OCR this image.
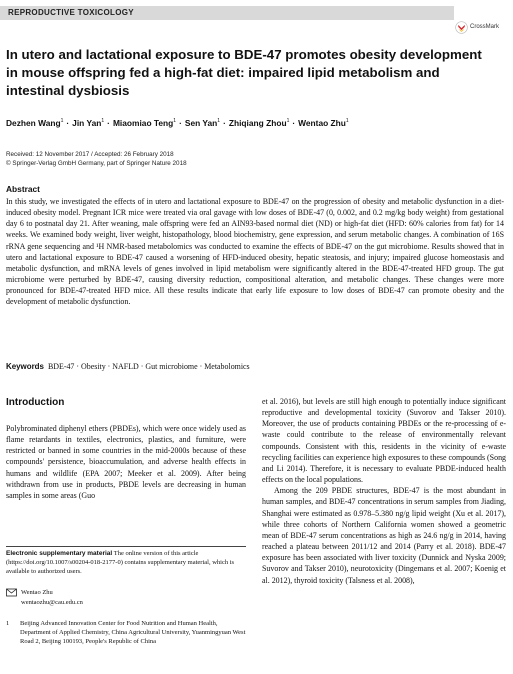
REPRODUCTIVE TOXICOLOGY
CrossMark
In utero and lactational exposure to BDE-47 promotes obesity development in mouse offspring fed a high-fat diet: impaired lipid metabolism and intestinal dysbiosis
Dezhen Wang$^1$ · Jin Yan$^1$ · Miaomiao Teng$^1$ · Sen Yan$^1$ · Zhiqiang Zhou$^1$ · Wentao Zhu$^1$
Received: 12 November 2017 / Accepted: 26 February 2018
© Springer-Verlag GmbH Germany, part of Springer Nature 2018
Abstract
In this study, we investigated the effects of in utero and lactational exposure to BDE-47 on the progression of obesity and metabolic dysfunction in a diet-induced obesity model. Pregnant ICR mice were treated via oral gavage with low doses of BDE-47 (0, 0.002, and 0.2 mg/kg body weight) from gestational day 6 to postnatal day 21. After weaning, male offspring were fed an AIN93-based normal diet (ND) or high-fat diet (HFD: 60% calories from fat) for 14 weeks. We examined body weight, liver weight, histopathology, blood biochemistry, gene expression, and serum metabolic changes. A combination of 16S rRNA gene sequencing and ¹H NMR-based metabolomics was conducted to examine the effects of BDE-47 on the gut microbiome. Results showed that in utero and lactational exposure to BDE-47 caused a worsening of HFD-induced obesity, hepatic steatosis, and injury; impaired glucose homeostasis and metabolic dysfunction, and mRNA levels of genes involved in lipid metabolism were significantly altered in the BDE-47-treated HFD group. The gut microbiome were perturbed by BDE-47, causing diversity reduction, compositional alteration, and metabolic changes. These changes were more pronounced for BDE-47-treated HFD mice. All these results indicate that early life exposure to low doses of BDE-47 can promote obesity and the development of metabolic dysfunction.
Keywords BDE-47 · Obesity · NAFLD · Gut microbiome · Metabolomics
Introduction

Polybrominated diphenyl ethers (PBDEs), which were once widely used as flame retardants in textiles, electronics, plastics, and furniture, were restricted or banned in some countries in the mid-2000s because of these compounds' persistence, bioaccumulation, and adverse health effects in humans and wildlife (EPA 2007; Meeker et al. 2009). After being withdrawn from use in products, PBDE levels are decreasing in human samples in some areas (Guo

et al. 2016), but levels are still high enough to potentially induce significant reproductive and developmental toxicity (Suvorov and Takser 2010). Moreover, the use of products containing PBDEs or the re-processing of e-waste could contribute to the release of environmentally relevant compounds. Consistent with this, residents in the vicinity of e-waste recycling facilities can experience high exposures to these compounds (Song and Li 2014). Therefore, it is necessary to evaluate PBDE-induced health effects on the local populations.

Among the 209 PBDE structures, BDE-47 is the most abundant in human samples, and BDE-47 concentrations in serum samples from Jiading, Shanghai were estimated as 0.978–5.380 ng/g lipid weight (Xu et al. 2017), while three cohorts of Northern California women showed a geometric mean of BDE-47 serum concentrations as high as 24.6 ng/g in 2014, having reached a plateau between 2011/12 and 2014 (Parry et al. 2018). BDE-47 exposure has been associated with liver toxicity (Dunnick and Nyska 2009; Suvorov and Takser 2010), neurotoxicity (Dingemans et al. 2007; Koenig et al. 2012), thyroid toxicity (Talsness et al. 2008),

Electronic supplementary material The online version of this article (https://doi.org/10.1007/s00204-018-2177-0) contains supplementary material, which is available to authorized users.
Wentao Zhu
wentaozhu@cau.edu.cn
1	Beijing Advanced Innovation Center for Food Nutrition and Human Health, Department of Applied Chemistry, China Agricultural University, Yuanmingyuan West Road 2, Beijing 100193, People's Republic of China
